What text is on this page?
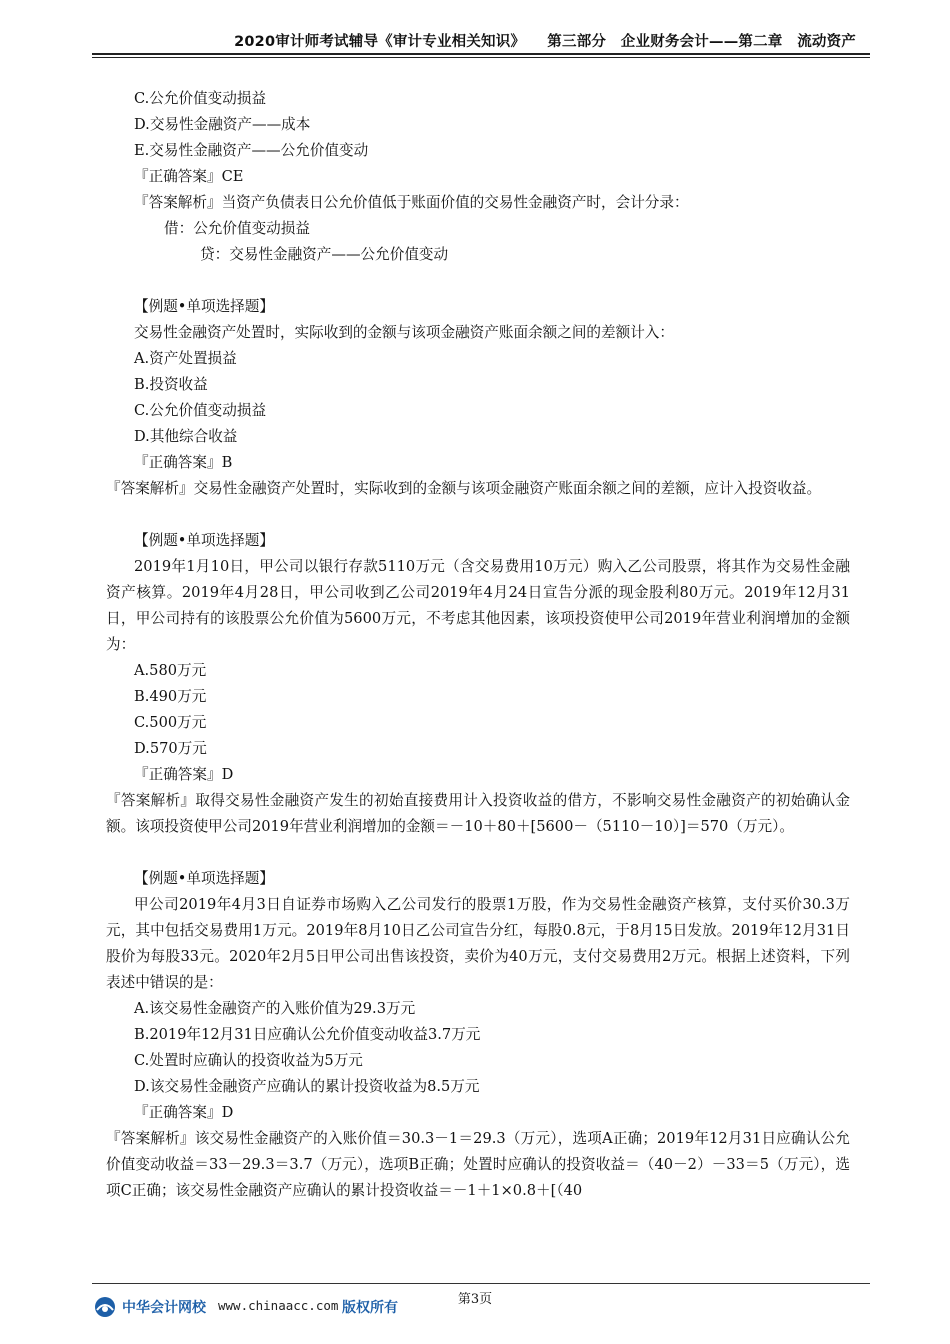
2020审计师考试辅导《审计专业相关知识》　　第三部分　企业财务会计——第二章　流动资产

C.公允价值变动损益

D.交易性金融资产——成本

E.交易性金融资产——公允价值变动

『正确答案』CE

『答案解析』当资产负债表日公允价值低于账面价值的交易性金融资产时，会计分录：

借：公允价值变动损益

贷：交易性金融资产——公允价值变动

【例题•单项选择题】

交易性金融资产处置时，实际收到的金额与该项金融资产账面余额之间的差额计入：

A.资产处置损益

B.投资收益

C.公允价值变动损益

D.其他综合收益

『正确答案』B

『答案解析』交易性金融资产处置时，实际收到的金额与该项金融资产账面余额之间的差额，应计入投资收益。

【例题•单项选择题】

2019年1月10日，甲公司以银行存款5110万元（含交易费用10万元）购入乙公司股票，将其作为交易性金融资产核算。2019年4月28日，甲公司收到乙公司2019年4月24日宣告分派的现金股利80万元。2019年12月31日，甲公司持有的该股票公允价值为5600万元，不考虑其他因素，该项投资使甲公司2019年营业利润增加的金额为：

A.580万元

B.490万元

C.500万元

D.570万元

『正确答案』D

『答案解析』取得交易性金融资产发生的初始直接费用计入投资收益的借方，不影响交易性金融资产的初始确认金额。该项投资使甲公司2019年营业利润增加的金额＝－10＋80＋[5600－（5110－10）]＝570（万元）。

【例题•单项选择题】

甲公司2019年4月3日自证券市场购入乙公司发行的股票1万股，作为交易性金融资产核算，支付买价30.3万元，其中包括交易费用1万元。2019年8月10日乙公司宣告分红，每股0.8元，于8月15日发放。2019年12月31日股价为每股33元。2020年2月5日甲公司出售该投资，卖价为40万元，支付交易费用2万元。根据上述资料，下列表述中错误的是：

A.该交易性金融资产的入账价值为29.3万元

B.2019年12月31日应确认公允价值变动收益3.7万元

C.处置时应确认的投资收益为5万元

D.该交易性金融资产应确认的累计投资收益为8.5万元

『正确答案』D

『答案解析』该交易性金融资产的入账价值＝30.3－1＝29.3（万元），选项A正确；2019年12月31日应确认公允价值变动收益＝33－29.3＝3.7（万元），选项B正确；处置时应确认的投资收益＝（40－2）－33＝5（万元），选项C正确；该交易性金融资产应确认的累计投资收益＝－1＋1×0.8＋[（40

第3页
中华会计网校 www.chinaacc.com 版权所有
